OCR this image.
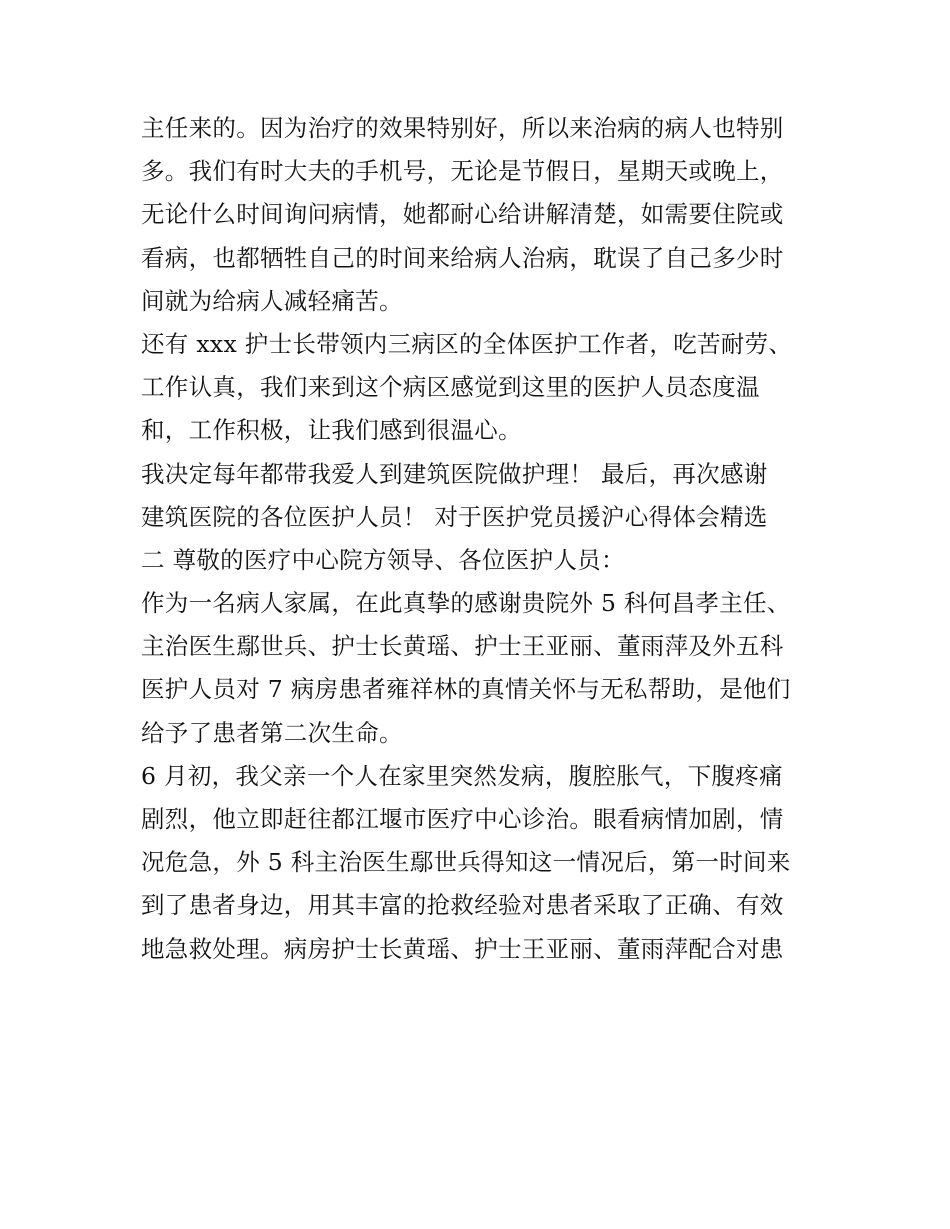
主任来的。因为治疗的效果特别好，所以来治病的病人也特别
多。我们有时大夫的手机号，无论是节假日，星期天或晚上，
无论什么时间询问病情，她都耐心给讲解清楚，如需要住院或
看病，也都牺牲自己的时间来给病人治病，耽误了自己多少时
间就为给病人减轻痛苦。
还有 xxx 护士长带领内三病区的全体医护工作者，吃苦耐劳、
工作认真，我们来到这个病区感觉到这里的医护人员态度温
和，工作积极，让我们感到很温心。
我决定每年都带我爱人到建筑医院做护理！ 最后，再次感谢
建筑医院的各位医护人员！ 对于医护党员援沪心得体会精选
二 尊敬的医疗中心院方领导、各位医护人员：
作为一名病人家属，在此真挚的感谢贵院外 5 科何昌孝主任、
主治医生鄢世兵、护士长黄瑶、护士王亚丽、董雨萍及外五科
医护人员对 7 病房患者雍祥林的真情关怀与无私帮助，是他们
给予了患者第二次生命。
6 月初，我父亲一个人在家里突然发病，腹腔胀气，下腹疼痛
剧烈，他立即赶往都江堰市医疗中心诊治。眼看病情加剧，情
况危急，外 5 科主治医生鄢世兵得知这一情况后，第一时间来
到了患者身边，用其丰富的抢救经验对患者采取了正确、有效
地急救处理。病房护士长黄瑶、护士王亚丽、董雨萍配合对患
